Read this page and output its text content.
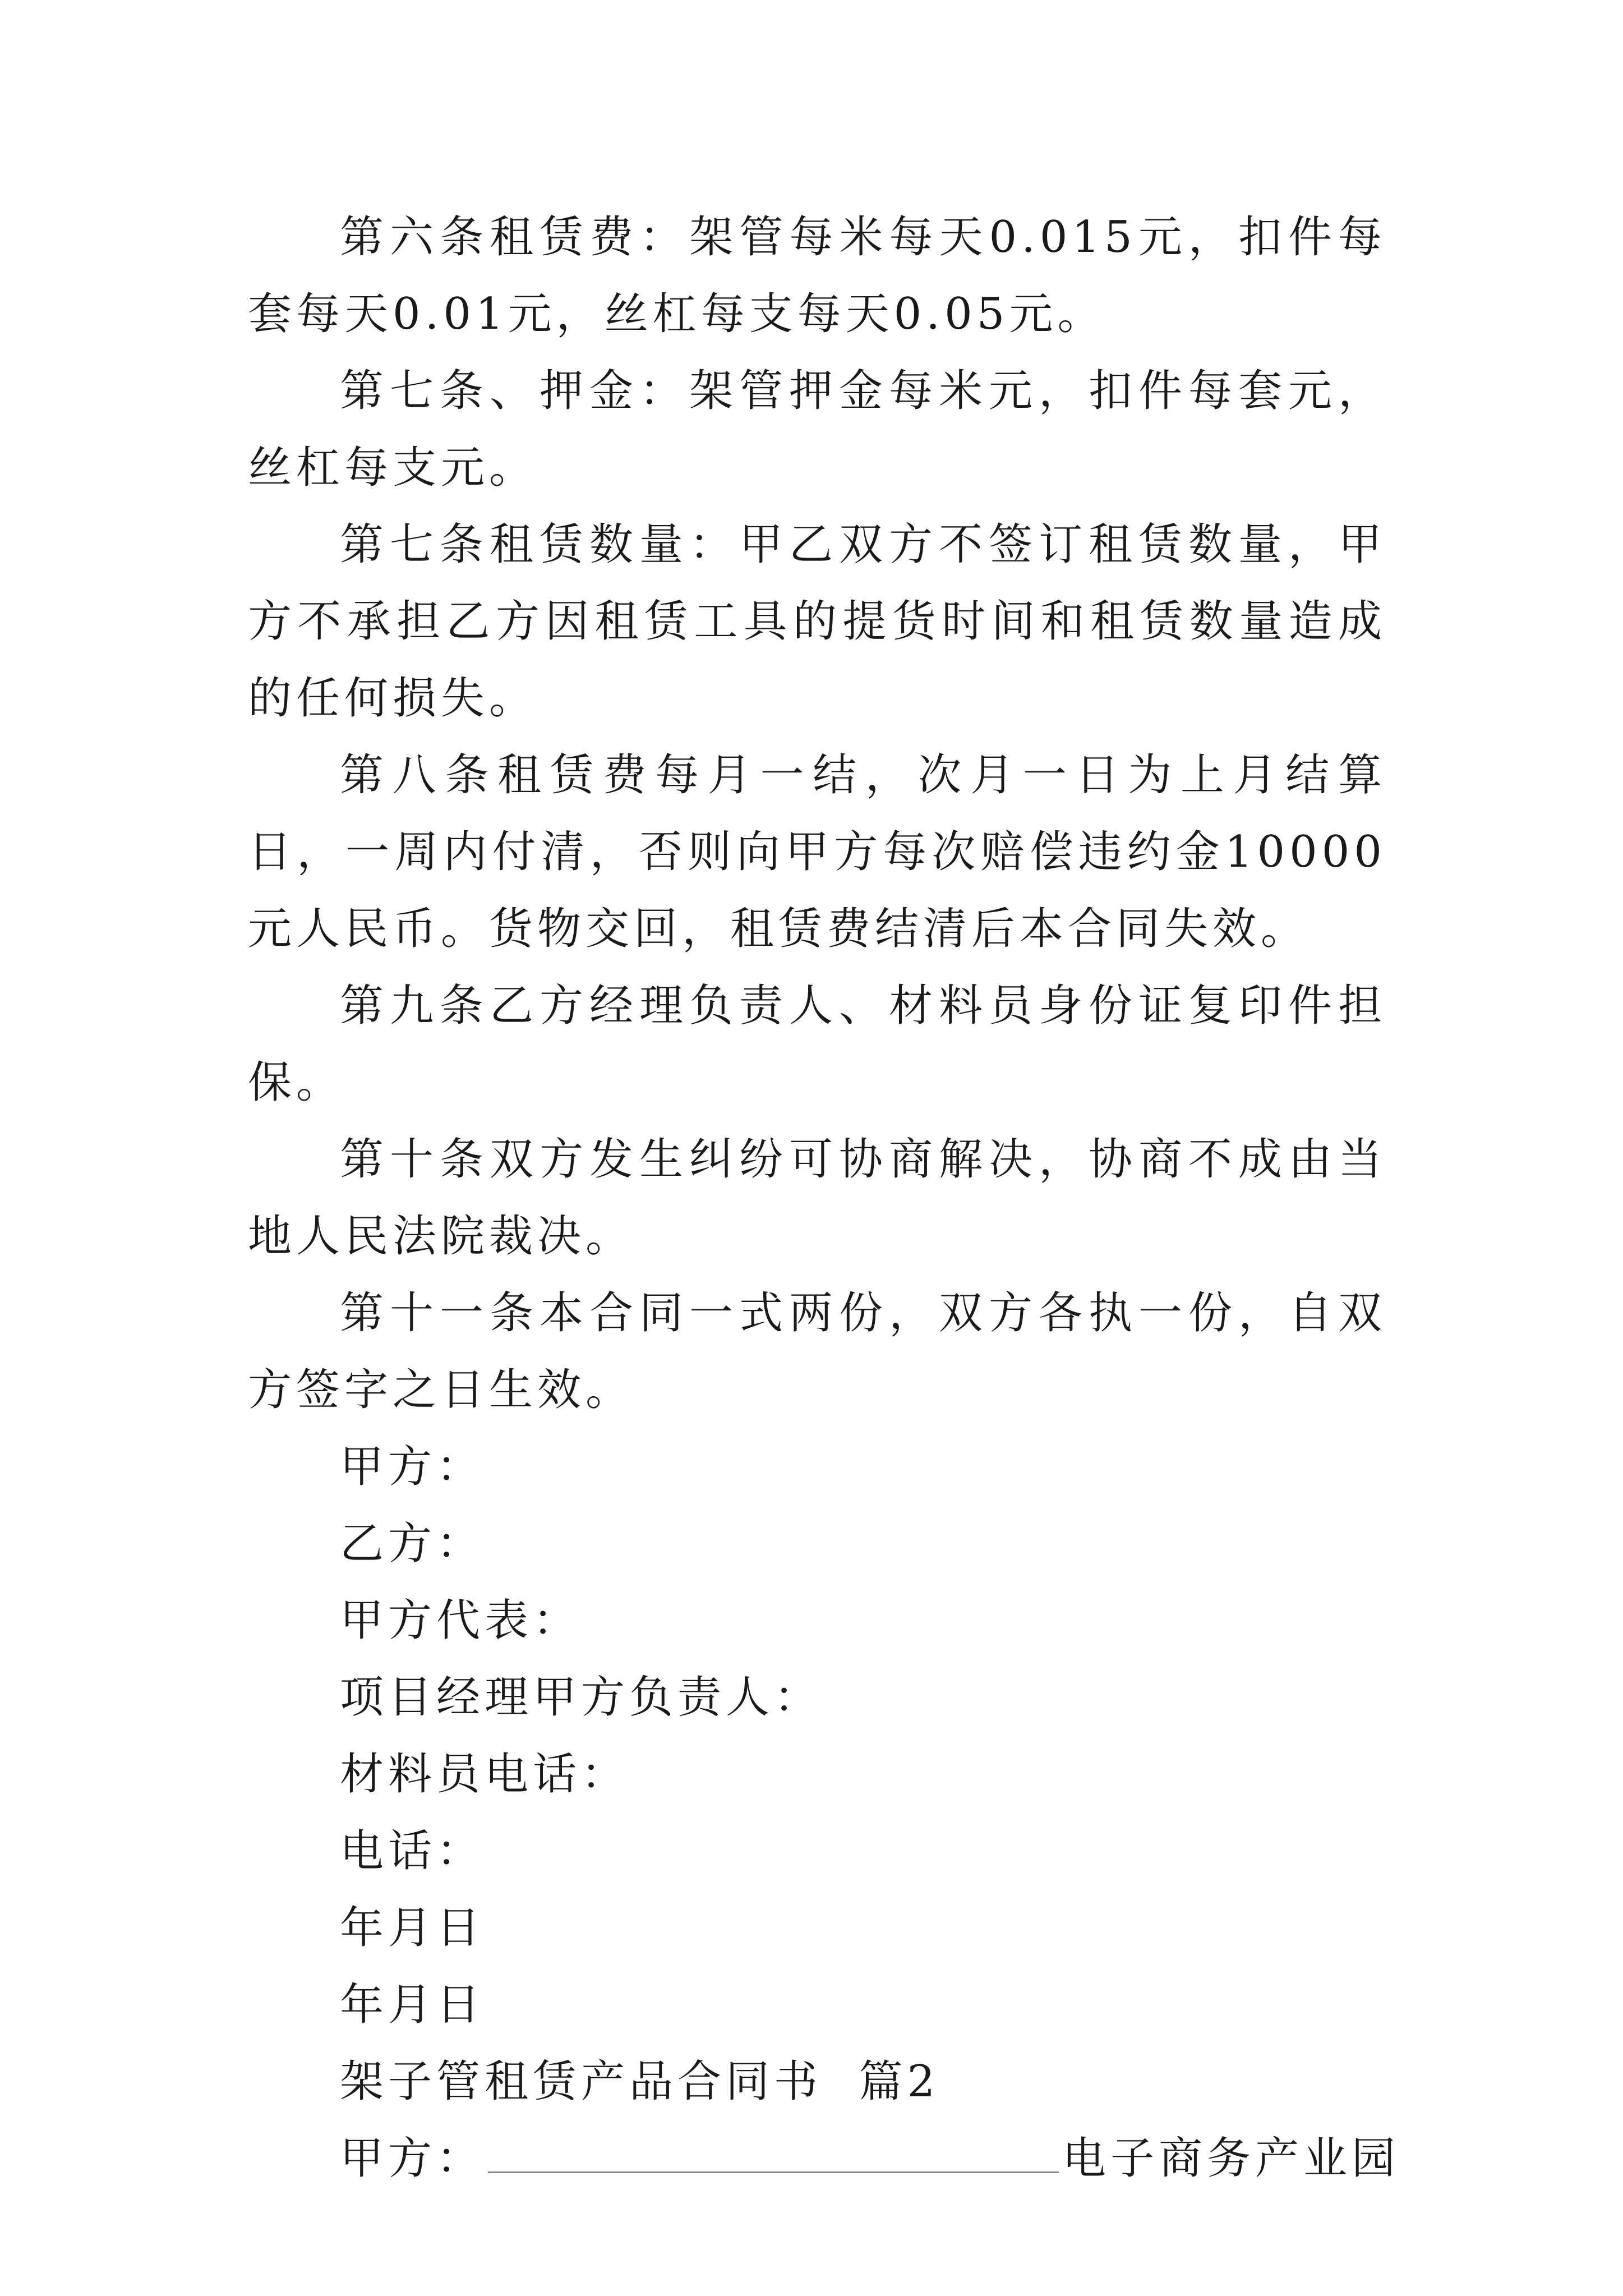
第六条租赁费：架管每米每天0.015元，扣件每套每天0.01元，丝杠每支每天0.05元。

第七条、押金：架管押金每米元，扣件每套元，丝杠每支元。

第七条租赁数量：甲乙双方不签订租赁数量，甲方不承担乙方因租赁工具的提货时间和租赁数量造成的任何损失。

第八条租赁费每月一结，次月一日为上月结算日，一周内付清，否则向甲方每次赔偿违约金10000元人民币。货物交回，租赁费结清后本合同失效。

第九条乙方经理负责人、材料员身份证复印件担保。

第十条双方发生纠纷可协商解决，协商不成由当地人民法院裁决。

第十一条本合同一式两份，双方各执一份，自双方签字之日生效。

甲方：

乙方：

甲方代表：

项目经理甲方负责人：

材料员电话：

电话：

年月日

年月日

架子管租赁产品合同书  篇2

甲方：	电子商务产业园
